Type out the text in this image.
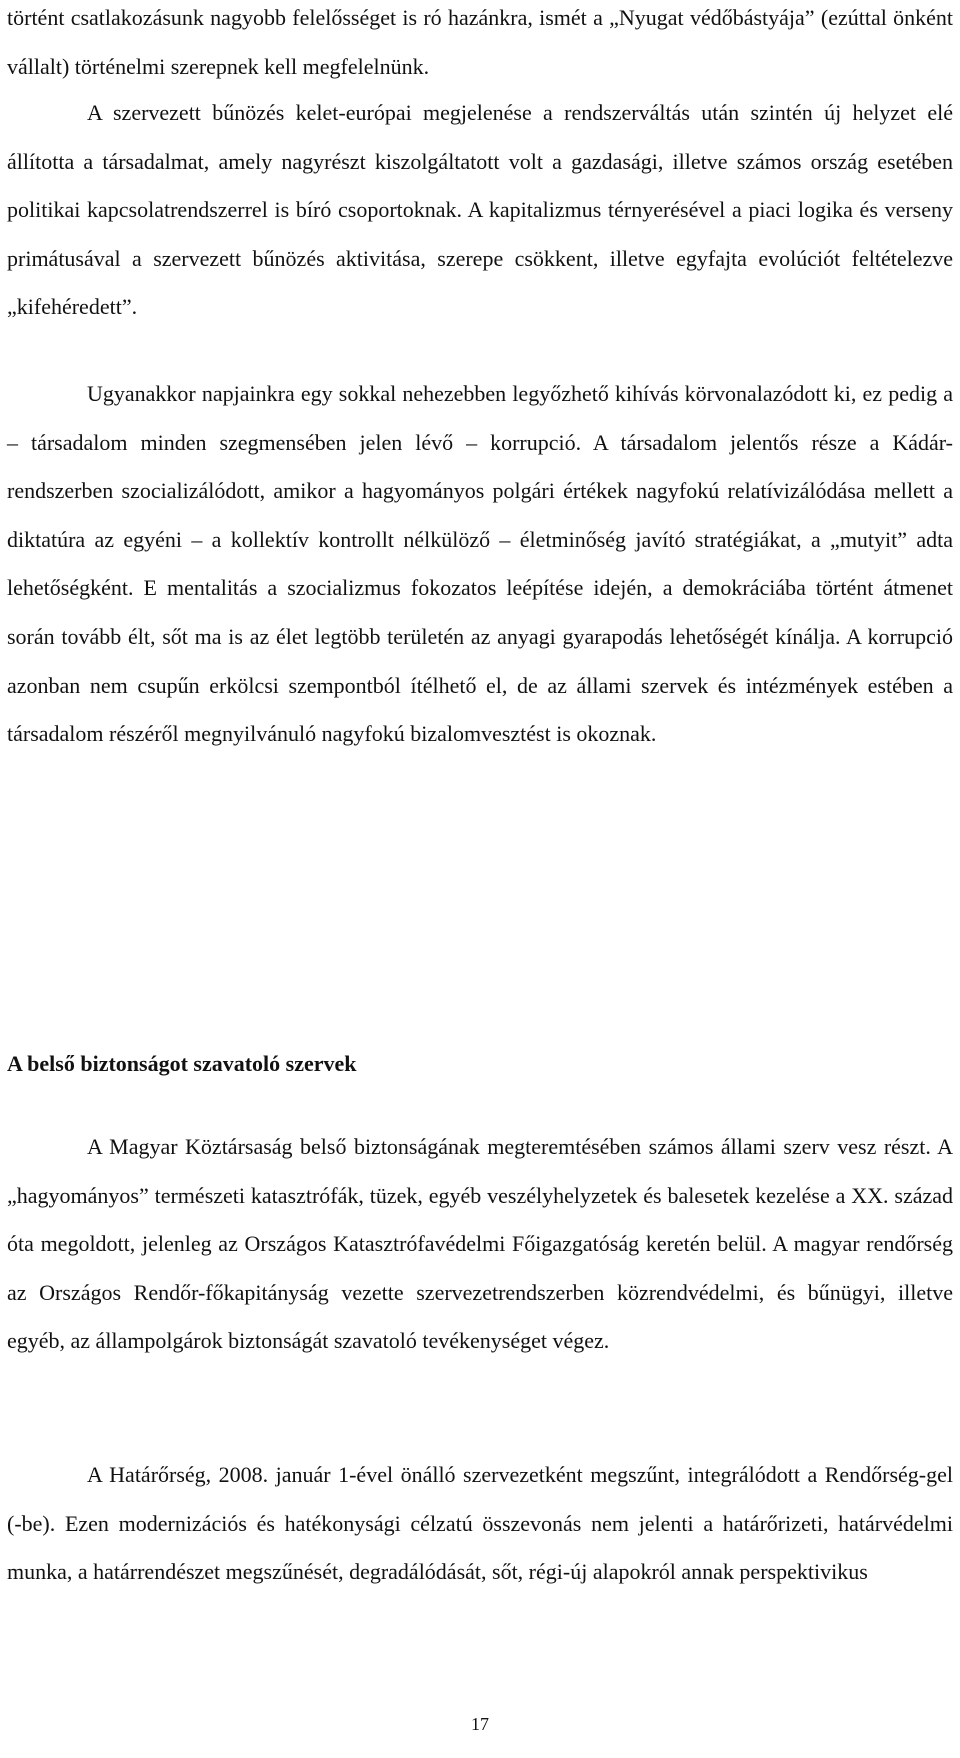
történt csatlakozásunk nagyobb felelősséget is ró hazánkra, ismét a „Nyugat védőbástyája” (ezúttal önként vállalt) történelmi szerepnek kell megfelelnünk.

A szervezett bűnözés kelet-európai megjelenése a rendszerváltás után szintén új helyzet elé állította a társadalmat, amely nagyrészt kiszolgáltatott volt a gazdasági, illetve számos ország esetében politikai kapcsolatrendszerrel is bíró csoportoknak. A kapitalizmus térnyerésével a piaci logika és verseny primátusával a szervezett bűnözés aktivitása, szerepe csökkent, illetve egyfajta evolúciót feltételezve „kifehéredett”.

Ugyanakkor napjainkra egy sokkal nehezebben legyőzhető kihívás körvonalazódott ki, ez pedig a – társadalom minden szegmensében jelen lévő – korrupció. A társadalom jelentős része a Kádár-rendszerben szocializálódott, amikor a hagyományos polgári értékek nagyfokú relatívizálódása mellett a diktatúra az egyéni – a kollektív kontrollt nélkülöző – életminőség javító stratégiákat, a „mutyit” adta lehetőségként. E mentalitás a szocializmus fokozatos leépítése idején, a demokráciába történt átmenet során tovább élt, sőt ma is az élet legtöbb területén az anyagi gyarapodás lehetőségét kínálja. A korrupció azonban nem csupűn erkölcsi szempontból ítélhető el, de az állami szervek és intézmények estében a társadalom részéről megnyilvánuló nagyfokú bizalomvesztést is okoznak.

A belső biztonságot szavatoló szervek

A Magyar Köztársaság belső biztonságának megteremtésében számos állami szerv vesz részt. A „hagyományos” természeti katasztrófák, tüzek, egyéb veszélyhelyzetek és balesetek kezelése a XX. század óta megoldott, jelenleg az Országos Katasztrófavédelmi Főigazgatóság keretén belül. A magyar rendőrség az Országos Rendőr-főkapitányság vezette szervezetrendszerben közrendvédelmi, és bűnügyi, illetve egyéb, az állampolgárok biztonságát szavatoló tevékenységet végez.

A Határőrség, 2008. január 1-ével önálló szervezetként megszűnt, integrálódott a Rendőrség-gel (-be). Ezen modernizációs és hatékonysági célzatú összevonás nem jelenti a határőrizeti, határvédelmi munka, a határrendészet megszűnését, degradálódását, sőt, régi-új alapokról annak perspektivikus

17
